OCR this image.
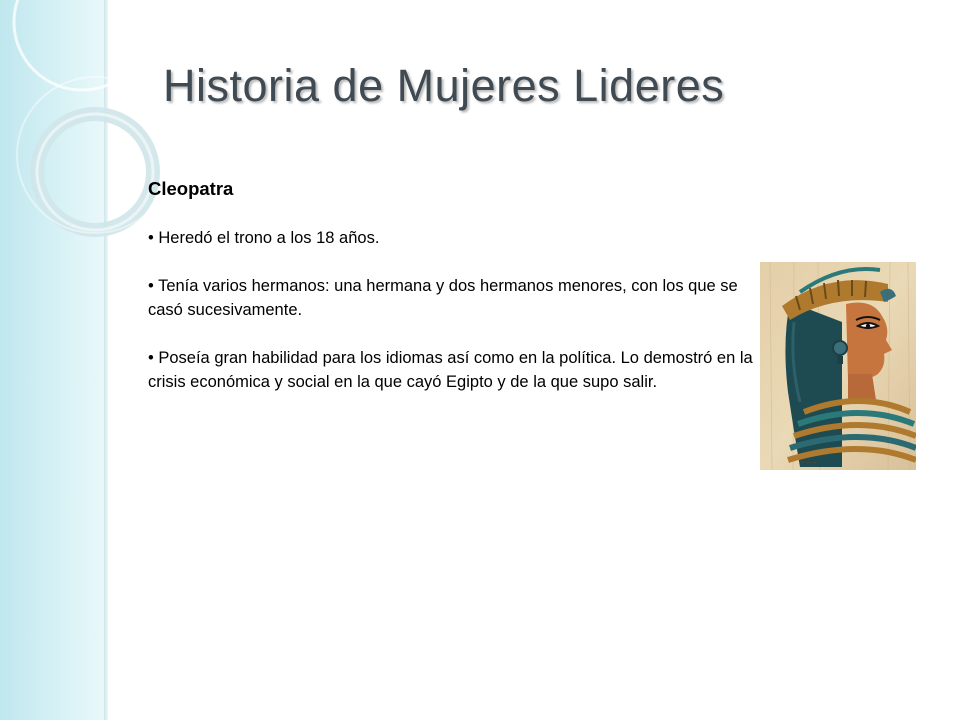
Historia de Mujeres Lideres

Cleopatra

• Heredó el trono a los 18 años.

• Tenía varios hermanos: una hermana y dos hermanos menores, con los que se casó sucesivamente.

• Poseía gran habilidad para los idiomas así como en la política. Lo demostró en la crisis económica y social en la que cayó Egipto y de la que supo salir.

~~~
